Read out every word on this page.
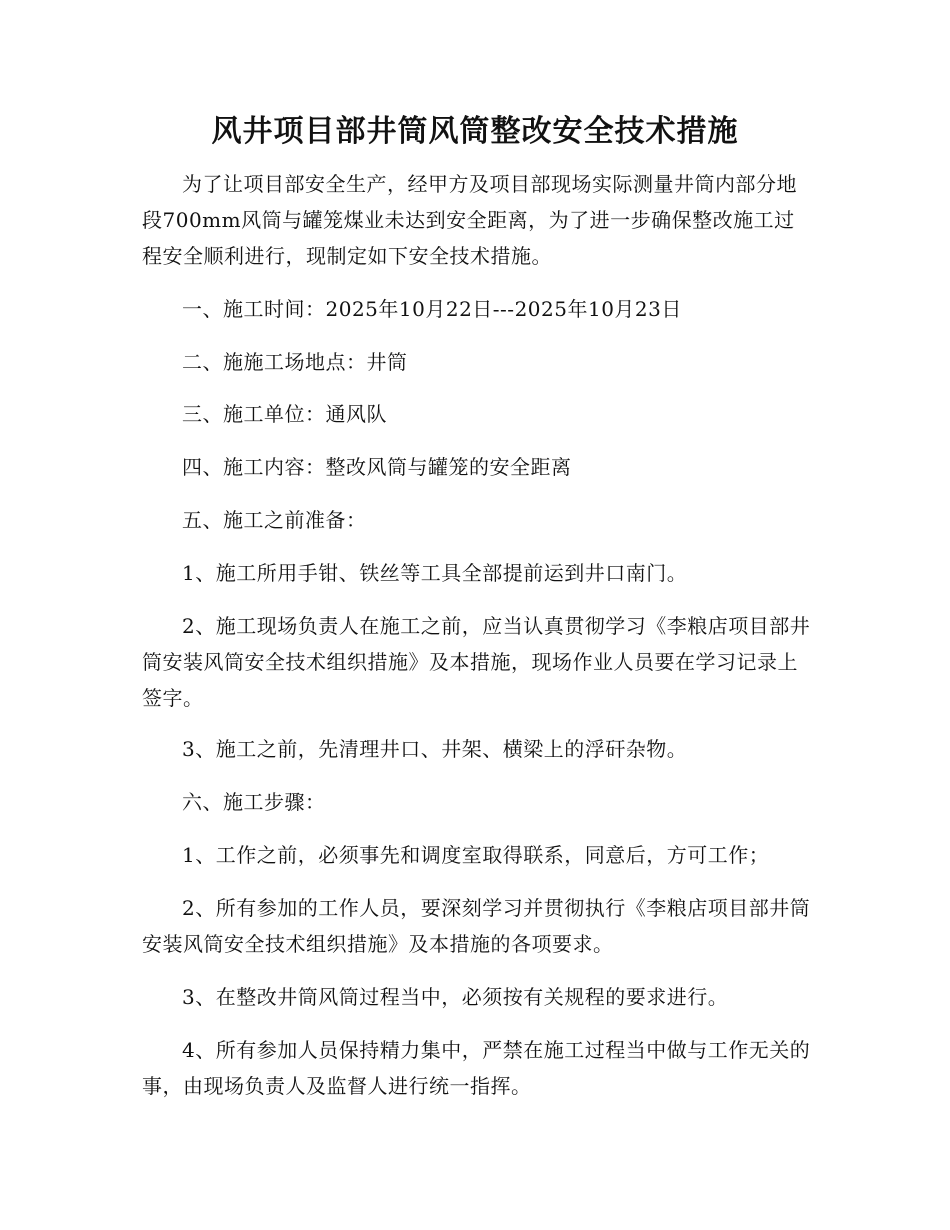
风井项目部井筒风筒整改安全技术措施

为了让项目部安全生产，经甲方及项目部现场实际测量井筒内部分地段700mm风筒与罐笼煤业未达到安全距离，为了进一步确保整改施工过程安全顺利进行，现制定如下安全技术措施。

一、施工时间：2025年10月22日---2025年10月23日

二、施施工场地点：井筒

三、施工单位：通风队

四、施工内容：整改风筒与罐笼的安全距离

五、施工之前准备：

1、施工所用手钳、铁丝等工具全部提前运到井口南门。

2、施工现场负责人在施工之前，应当认真贯彻学习《李粮店项目部井筒安装风筒安全技术组织措施》及本措施，现场作业人员要在学习记录上签字。

3、施工之前，先清理井口、井架、横梁上的浮矸杂物。

六、施工步骤：

1、工作之前，必须事先和调度室取得联系，同意后，方可工作；

2、所有参加的工作人员，要深刻学习并贯彻执行《李粮店项目部井筒安装风筒安全技术组织措施》及本措施的各项要求。

3、在整改井筒风筒过程当中，必须按有关规程的要求进行。

4、所有参加人员保持精力集中，严禁在施工过程当中做与工作无关的事，由现场负责人及监督人进行统一指挥。
